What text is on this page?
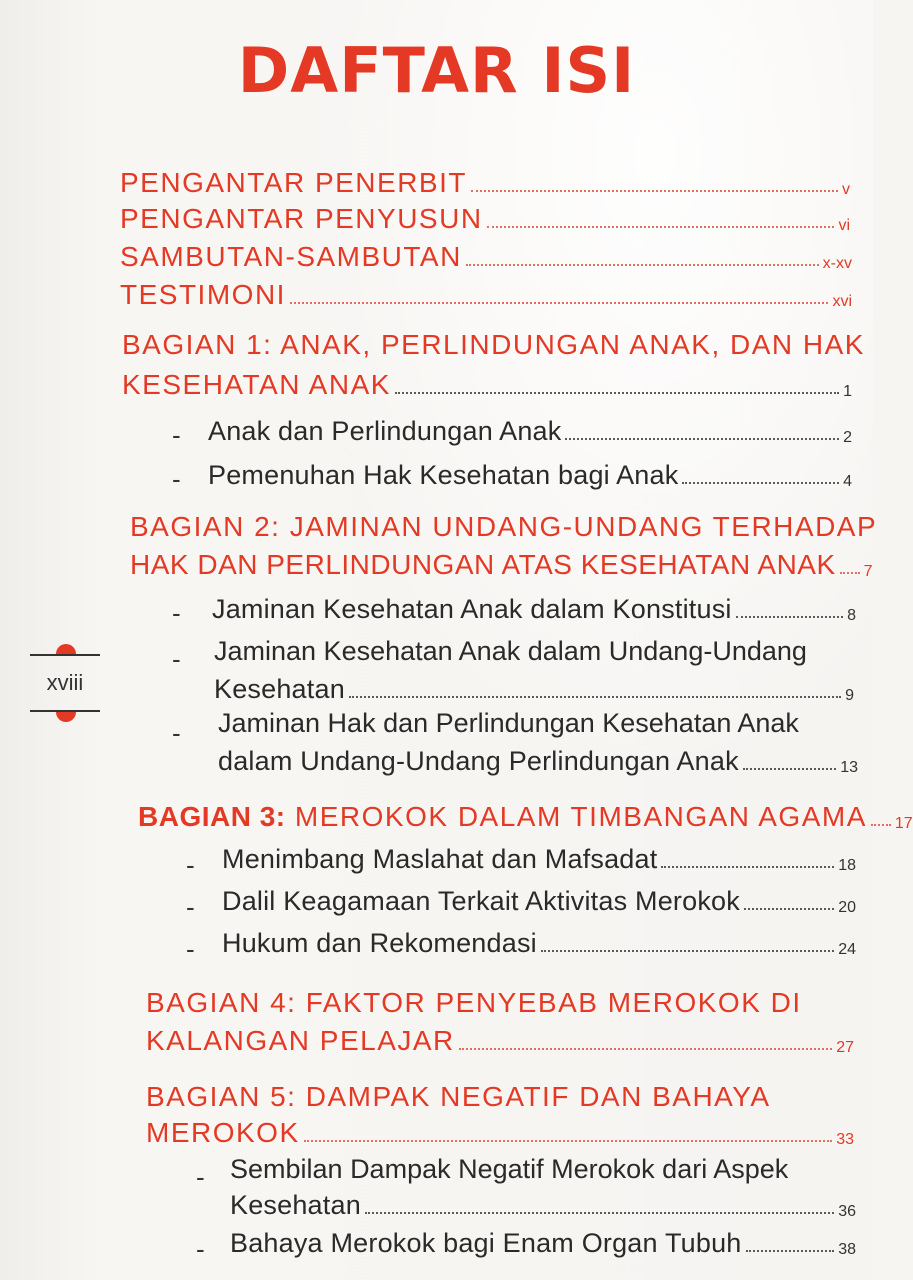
DAFTAR ISI
PENGANTAR PENERBIT	v
PENGANTAR PENYUSUN	vi
SAMBUTAN-SAMBUTAN	x-xv
TESTIMONI	xvi
BAGIAN 1: ANAK, PERLINDUNGAN ANAK, DAN HAK
KESEHATAN ANAK	1
- Anak dan Perlindungan Anak	2
- Pemenuhan Hak Kesehatan bagi Anak	4
BAGIAN 2: JAMINAN UNDANG-UNDANG TERHADAP
HAK DAN PERLINDUNGAN ATAS KESEHATAN ANAK 7
- Jaminan Kesehatan Anak dalam Konstitusi	8
- Jaminan Kesehatan Anak dalam Undang-Undang
Kesehatan	9
- Jaminan Hak dan Perlindungan Kesehatan Anak
dalam Undang-Undang Perlindungan Anak	13
BAGIAN 3: MEROKOK DALAM TIMBANGAN AGAMA 17
- Menimbang Maslahat dan Mafsadat	18
- Dalil Keagamaan Terkait Aktivitas Merokok	20
- Hukum dan Rekomendasi	24
BAGIAN 4: FAKTOR PENYEBAB MEROKOK DI
KALANGAN PELAJAR	27
BAGIAN 5: DAMPAK NEGATIF DAN BAHAYA
MEROKOK	33
- Sembilan Dampak Negatif Merokok dari Aspek
Kesehatan	36
- Bahaya Merokok bagi Enam Organ Tubuh	38
xviii
